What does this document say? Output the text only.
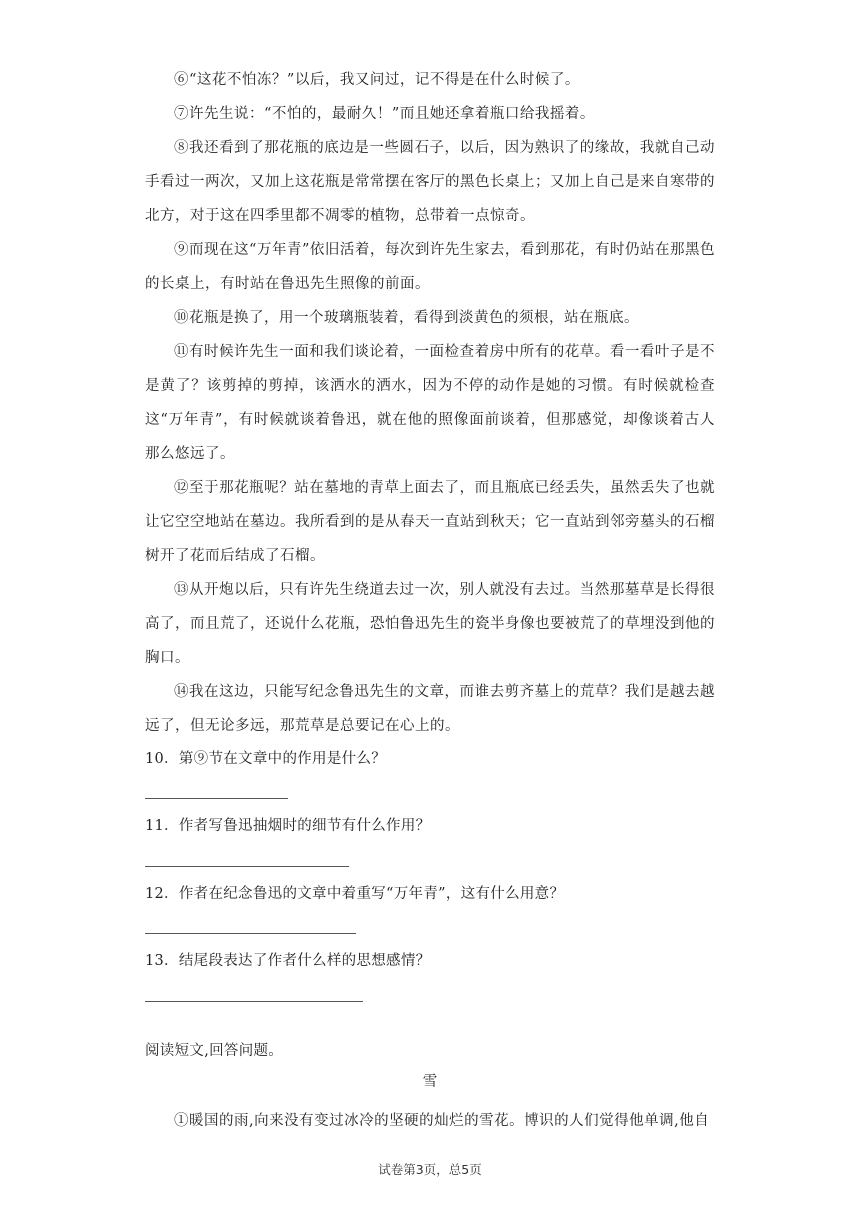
⑥“这花不怕冻？”以后，我又问过，记不得是在什么时候了。

⑦许先生说：“不怕的，最耐久！”而且她还拿着瓶口给我摇着。

⑧我还看到了那花瓶的底边是一些圆石子，以后，因为熟识了的缘故，我就自己动手看过一两次，又加上这花瓶是常常摆在客厅的黑色长桌上；又加上自己是来自寒带的北方，对于这在四季里都不凋零的植物，总带着一点惊奇。

⑨而现在这“万年青”依旧活着，每次到许先生家去，看到那花，有时仍站在那黑色的长桌上，有时站在鲁迅先生照像的前面。

⑩花瓶是换了，用一个玻璃瓶装着，看得到淡黄色的须根，站在瓶底。

⑪有时候许先生一面和我们谈论着，一面检查着房中所有的花草。看一看叶子是不是黄了？该剪掉的剪掉，该洒水的洒水，因为不停的动作是她的习惯。有时候就检查这“万年青”，有时候就谈着鲁迅，就在他的照像面前谈着，但那感觉，却像谈着古人那么悠远了。

⑫至于那花瓶呢？站在墓地的青草上面去了，而且瓶底已经丢失，虽然丢失了也就让它空空地站在墓边。我所看到的是从春天一直站到秋天；它一直站到邻旁墓头的石榴树开了花而后结成了石榴。

⑬从开炮以后，只有许先生绕道去过一次，别人就没有去过。当然那墓草是长得很高了，而且荒了，还说什么花瓶，恐怕鲁迅先生的瓷半身像也要被荒了的草埋没到他的胸口。

⑭我在这边，只能写纪念鲁迅先生的文章，而谁去剪齐墓上的荒草？我们是越去越远了，但无论多远，那荒草是总要记在心上的。

10．第⑨节在文章中的作用是什么？

11．作者写鲁迅抽烟时的细节有什么作用？

12．作者在纪念鲁迅的文章中着重写“万年青”，这有什么用意？

13．结尾段表达了作者什么样的思想感情？

阅读短文,回答问题。

雪

①暖国的雨,向来没有变过冰冷的坚硬的灿烂的雪花。博识的人们觉得他单调,他自

试卷第3页，总5页
